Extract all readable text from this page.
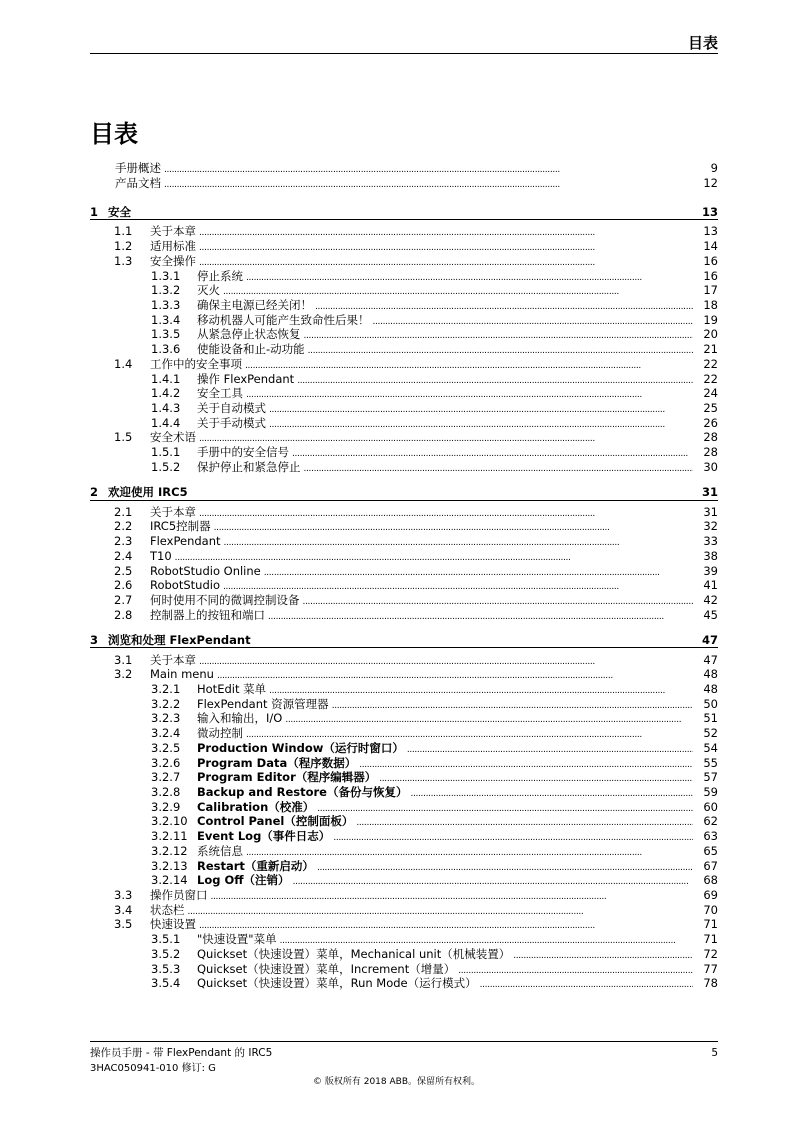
目表
目表
手册概述 . . .	9
产品文档 . . .	12
1 安全	13
1.1	关于本章 . . .	13
1.2	适用标准 . . .	14
1.3	安全操作 . . .	16
1.3.1	停止系统 . . .	16
1.3.2	灭火 . . .	17
1.3.3	确保主电源已经关闭！ . . .	18
1.3.4	移动机器人可能产生致命性后果！ . . .	19
1.3.5	从紧急停止状态恢复 . . .	20
1.3.6	使能设备和止-动功能 . . .	21
1.4	工作中的安全事项 . . .	22
1.4.1	操作 FlexPendant . . .	22
1.4.2	安全工具 . . .	24
1.4.3	关于自动模式 . . .	25
1.4.4	关于手动模式 . . .	26
1.5	安全术语 . . .	28
1.5.1	手册中的安全信号 . . .	28
1.5.2	保护停止和紧急停止 . . .	30
2 欢迎使用 IRC5	31
2.1	关于本章 . . .	31
2.2	IRC5控制器 . . .	32
2.3	FlexPendant . . .	33
2.4	T10 . . .	38
2.5	RobotStudio Online . . .	39
2.6	RobotStudio . . .	41
2.7	何时使用不同的微调控制设备 . . .	42
2.8	控制器上的按钮和端口 . . .	45
3 浏览和处理 FlexPendant	47
3.1	关于本章 . . .	47
3.2	Main menu . . .	48
3.2.1	HotEdit 菜单 . . .	48
3.2.2	FlexPendant 资源管理器 . . .	50
3.2.3	输入和输出，I/O . . .	51
3.2.4	微动控制 . . .	52
3.2.5	Production Window（运行时窗口） . . .	54
3.2.6	Program Data（程序数据） . . .	55
3.2.7	Program Editor（程序编辑器） . . .	57
3.2.8	Backup and Restore（备份与恢复） . . .	59
3.2.9	Calibration（校准） . . .	60
3.2.10 Control Panel（控制面板） . . .	62
3.2.11 Event Log（事件日志） . . .	63
3.2.12 系统信息 . . .	65
3.2.13 Restart（重新启动） . . .	67
3.2.14 Log Off（注销） . . .	68
3.3	操作员窗口 . . .	69
3.4	状态栏 . . .	70
3.5	快速设置 . . .	71
3.5.1	"快速设置"菜单 . . .	71
3.5.2	Quickset（快速设置）菜单，Mechanical unit（机械装置） . . .	72
3.5.3	Quickset（快速设置）菜单，Increment（增量） . . .	77
3.5.4	Quickset（快速设置）菜单，Run Mode（运行模式） . . .	78
操作员手册 - 带 FlexPendant 的 IRC5
3HAC050941-010 修订: G
5
© 版权所有 2018 ABB。保留所有权利。
